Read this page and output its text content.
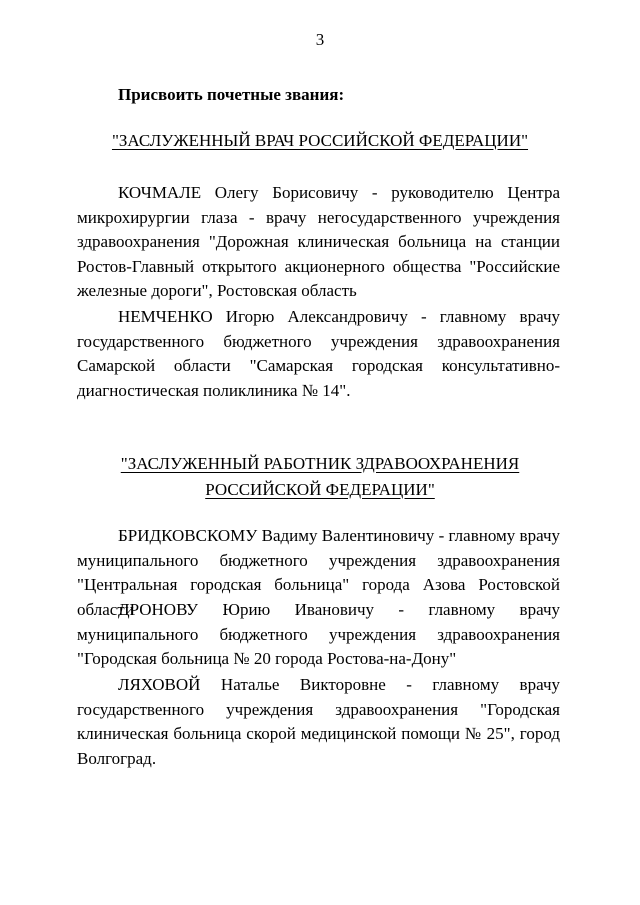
3
Присвоить почетные звания:
"ЗАСЛУЖЕННЫЙ ВРАЧ РОССИЙСКОЙ ФЕДЕРАЦИИ"

КОЧМАЛЕ Олегу Борисовичу - руководителю Центра микрохирургии глаза - врачу негосударственного учреждения здравоохранения "Дорожная клиническая больница на станции Ростов-Главный открытого акционерного общества "Российские железные дороги", Ростовская область

НЕМЧЕНКО Игорю Александровичу - главному врачу государственного бюджетного учреждения здравоохранения Самарской области "Самарская городская консультативно-диагностическая поликлиника № 14".

"ЗАСЛУЖЕННЫЙ РАБОТНИК ЗДРАВООХРАНЕНИЯ
РОССИЙСКОЙ ФЕДЕРАЦИИ"

БРИДКОВСКОМУ Вадиму Валентиновичу - главному врачу муниципального бюджетного учреждения здравоохранения "Центральная городская больница" города Азова Ростовской области

ДРОНОВУ Юрию Ивановичу - главному врачу муниципального бюджетного учреждения здравоохранения "Городская больница № 20 города Ростова-на-Дону"

ЛЯХОВОЙ Наталье Викторовне - главному врачу государственного учреждения здравоохранения "Городская клиническая больница скорой медицинской помощи № 25", город Волгоград.
